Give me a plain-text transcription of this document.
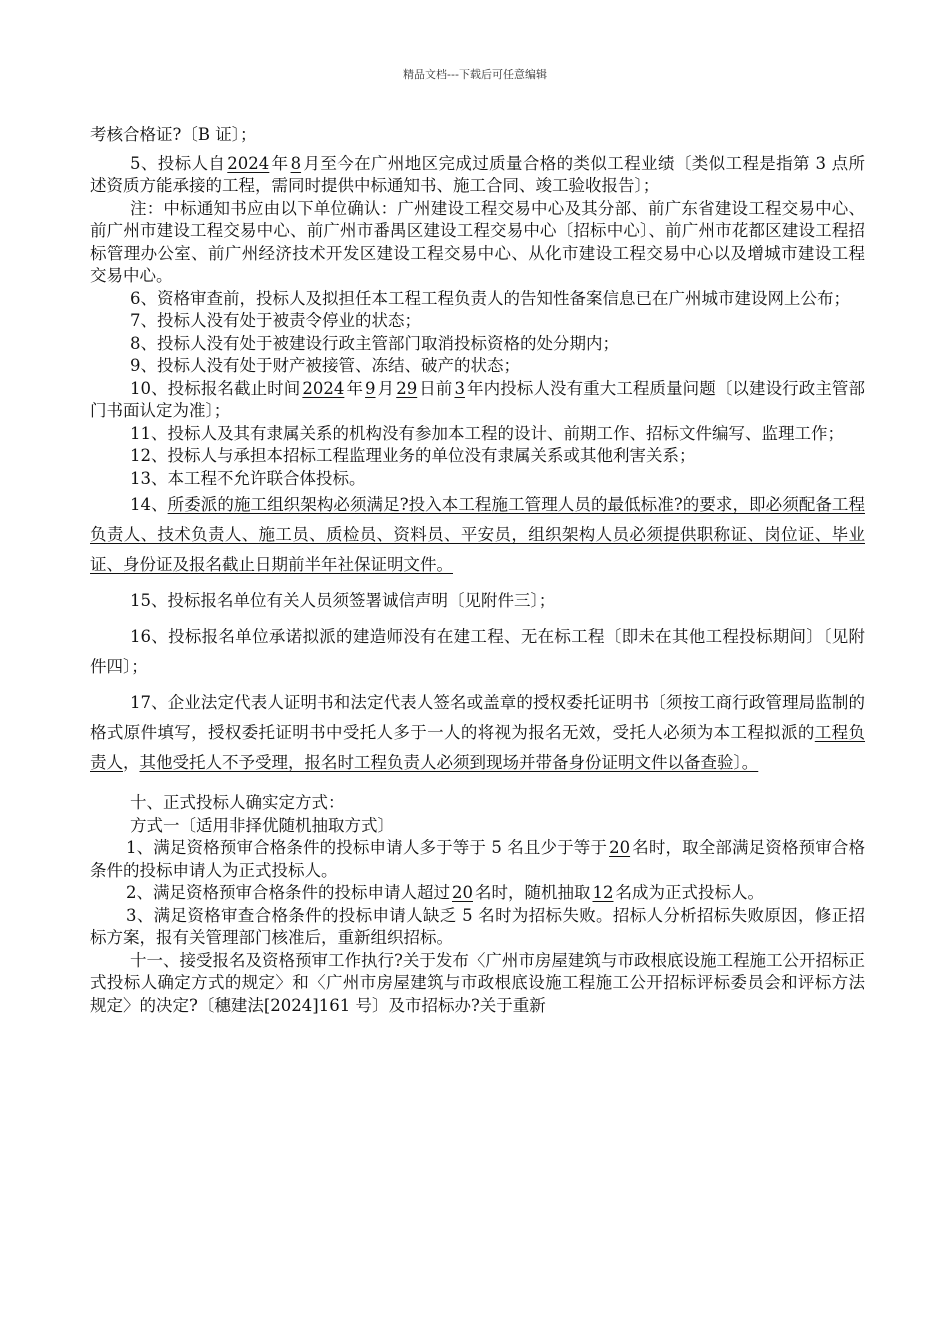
精品文档---下载后可任意编辑

考核合格证?〔B 证〕；

5、投标人自 2024 年 8 月至今在广州地区完成过质量合格的类似工程业绩〔类似工程是指第 3 点所述资质方能承接的工程，需同时提供中标通知书、施工合同、竣工验收报告〕；

注：中标通知书应由以下单位确认：广州建设工程交易中心及其分部、前广东省建设工程交易中心、前广州市建设工程交易中心、前广州市番禺区建设工程交易中心〔招标中心〕、前广州市花都区建设工程招标管理办公室、前广州经济技术开发区建设工程交易中心、从化市建设工程交易中心以及增城市建设工程交易中心。

6、资格审查前，投标人及拟担任本工程工程负责人的告知性备案信息已在广州城市建设网上公布；

7、投标人没有处于被责令停业的状态；

8、投标人没有处于被建设行政主管部门取消投标资格的处分期内；

9、投标人没有处于财产被接管、冻结、破产的状态；

10、投标报名截止时间 2024 年 9 月 29 日前 3 年内投标人没有重大工程质量问题〔以建设行政主管部门书面认定为准〕；

11、投标人及其有隶属关系的机构没有参加本工程的设计、前期工作、招标文件编写、监理工作；

12、投标人与承担本招标工程监理业务的单位没有隶属关系或其他利害关系；

13、本工程不允许联合体投标。

14、所委派的施工组织架构必须满足?投入本工程施工管理人员的最低标准?的要求，即必须配备工程负责人、技术负责人、施工员、质检员、资料员、平安员，组织架构人员必须提供职称证、岗位证、毕业证、身份证及报名截止日期前半年社保证明文件。

15、投标报名单位有关人员须签署诚信声明〔见附件三〕；

16、投标报名单位承诺拟派的建造师没有在建工程、无在标工程〔即未在其他工程投标期间〕〔见附件四〕；

17、企业法定代表人证明书和法定代表人签名或盖章的授权委托证明书〔须按工商行政管理局监制的格式原件填写，授权委托证明书中受托人多于一人的将视为报名无效，受托人必须为本工程拟派的工程负责人，其他受托人不予受理，报名时工程负责人必须到现场并带备身份证明文件以备查验〕。

十、正式投标人确实定方式：

方式一〔适用非择优随机抽取方式〕

1、满足资格预审合格条件的投标申请人多于等于 5 名且少于等于 20 名时，取全部满足资格预审合格条件的投标申请人为正式投标人。

2、满足资格预审合格条件的投标申请人超过 20 名时，随机抽取 12 名成为正式投标人。

3、满足资格审查合格条件的投标申请人缺乏 5 名时为招标失败。招标人分析招标失败原因，修正招标方案，报有关管理部门核准后，重新组织招标。

十一、接受报名及资格预审工作执行?关于发布〈广州市房屋建筑与市政根底设施工程施工公开招标正式投标人确定方式的规定〉和〈广州市房屋建筑与市政根底设施工程施工公开招标评标委员会和评标方法规定〉的决定?〔穗建法[2024]161 号〕及市招标办?关于重新
